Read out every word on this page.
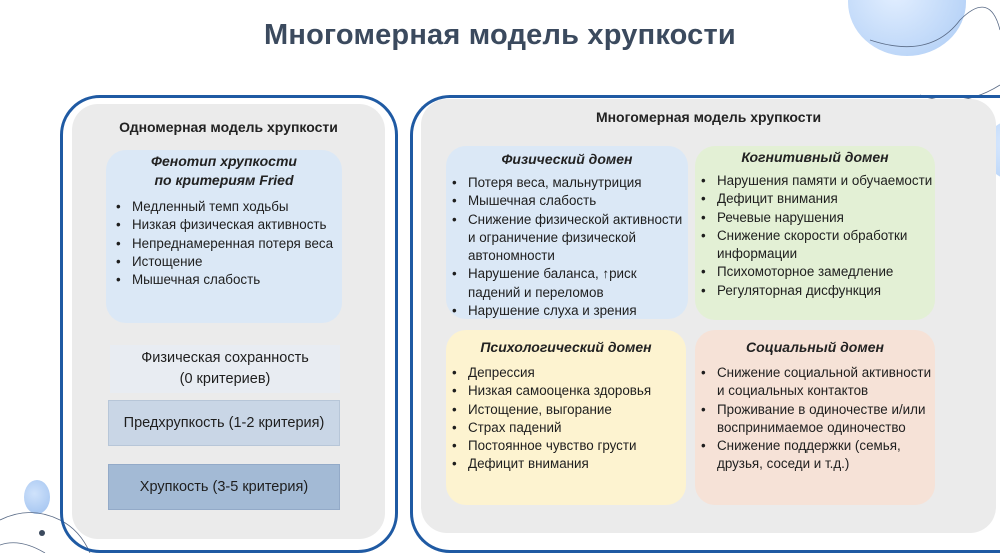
Многомерная модель хрупкости
Одномерная модель хрупкости
Многомерная модель хрупкости
Фенотип хрупкости
по критериям Fried
• Медленный темп ходьбы
• Низкая физическая активность
• Непреднамеренная потеря веса
• Истощение
• Мышечная слабость
Физическая сохранность
(0 критериев)
Предхрупкость (1-2 критерия)
Хрупкость (3-5 критерия)
Физический домен
• Потеря веса, мальнутриция
• Мышечная слабость
• Снижение физической активности и ограничение физической автономности
• Нарушение баланса, ↑риск падений и переломов
• Нарушение слуха и зрения
Когнитивный домен
• Нарушения памяти и обучаемости
• Дефицит внимания
• Речевые нарушения
• Снижение скорости обработки информации
• Психомоторное замедление
• Регуляторная дисфункция
Психологический домен
• Депрессия
• Низкая самооценка здоровья
• Истощение, выгорание
• Страх падений
• Постоянное чувство грусти
• Дефицит внимания
Социальный домен
• Снижение социальной активности и социальных контактов
• Проживание в одиночестве и/или воспринимаемое одиночество
• Снижение поддержки (семья, друзья, соседи и т.д.)
